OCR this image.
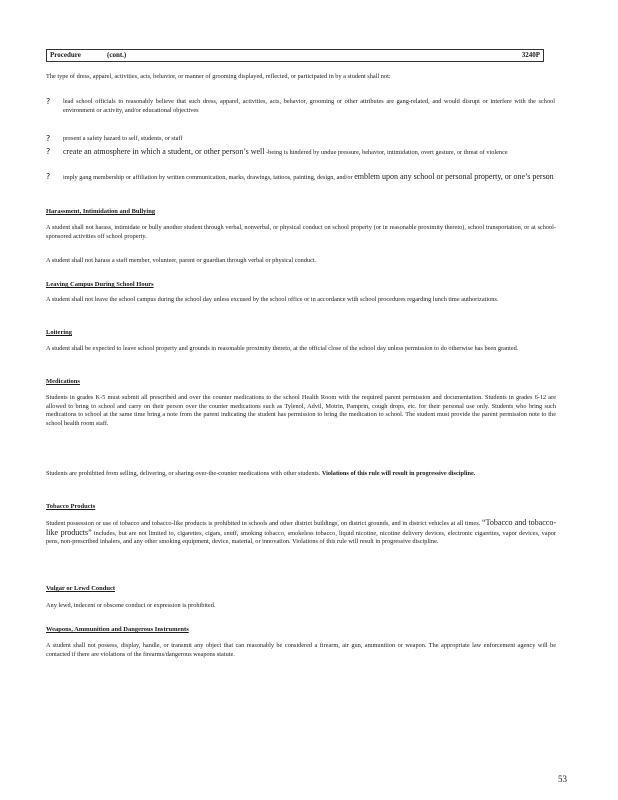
Procedure	(cont.)	3240P
The type of dress, apparel, activities, acts, behavior, or manner of grooming displayed, reflected, or participated in by a student shall not:
? lead school officials to reasonably believe that such dress, apparel, activities, acts, behavior, grooming or other attributes are gang-related, and would disrupt or interfere with the school environment or activity, and/or educational objectives
? present a safety hazard to self, students, or staff
? create an atmosphere in which a student, or other person’s well -being is hindered by undue pressure, behavior, intimidation, overt gesture, or threat of violence
? imply gang membership or affiliation by written communication, marks, drawings, tattoos, painting, design, and/or emblem upon any school or personal property, or one’s person
Harassment, Intimidation and Bullying
A student shall not harass, intimidate or bully another student through verbal, nonverbal, or physical conduct on school property (or in reasonable proximity thereto), school transportation, or at school-sponsored activities off school property.
A student shall not harass a staff member, volunteer, parent or guardian through verbal or physical conduct.
Leaving Campus During School Hours
A student shall not leave the school campus during the school day unless excused by the school office or in accordance with school procedures regarding lunch time authorizations.
Loitering
A student shall be expected to leave school property and grounds in reasonable proximity thereto, at the official close of the school day unless permission to do otherwise has been granted.
Medications
Students in grades K-5 must submit all prescribed and over the counter medications to the school Health Room with the required parent permission and documentation. Students in grades 6-12 are allowed to bring to school and carry on their person over the counter medications such as Tylenol, Advil, Motrin, Pamprin, cough drops, etc. for their personal use only. Students who bring such medications to school at the same time bring a note from the parent indicating the student has permission to bring the medication to school. The student must provide the parent permission note to the school health room staff.
Students are prohibited from selling, delivering, or sharing over-the-counter medications with other students. Violations of this rule will result in progressive discipline.
Tobacco Products
Student possession or use of tobacco and tobacco-like products is prohibited in schools and other district buildings, on district grounds, and in district vehicles at all times. “Tobacco and tobacco-like products” includes, but are not limited to, cigarettes, cigars, snuff, smoking tobacco, smokeless tobacco, liquid nicotine, nicotine delivery devices, electronic cigarettes, vapor devices, vapor pens, non-prescribed inhalers, and any other smoking equipment, device, material, or innovation. Violations of this rule will result in progressive discipline.
Vulgar or Lewd Conduct
Any lewd, indecent or obscene conduct or expression is prohibited.
Weapons, Ammunition and Dangerous Instruments
A student shall not possess, display, handle, or transmit any object that can reasonably be considered a firearm, air gun, ammunition or weapon. The appropriate law enforcement agency will be contacted if there are violations of the firearms/dangerous weapons statute.
53
